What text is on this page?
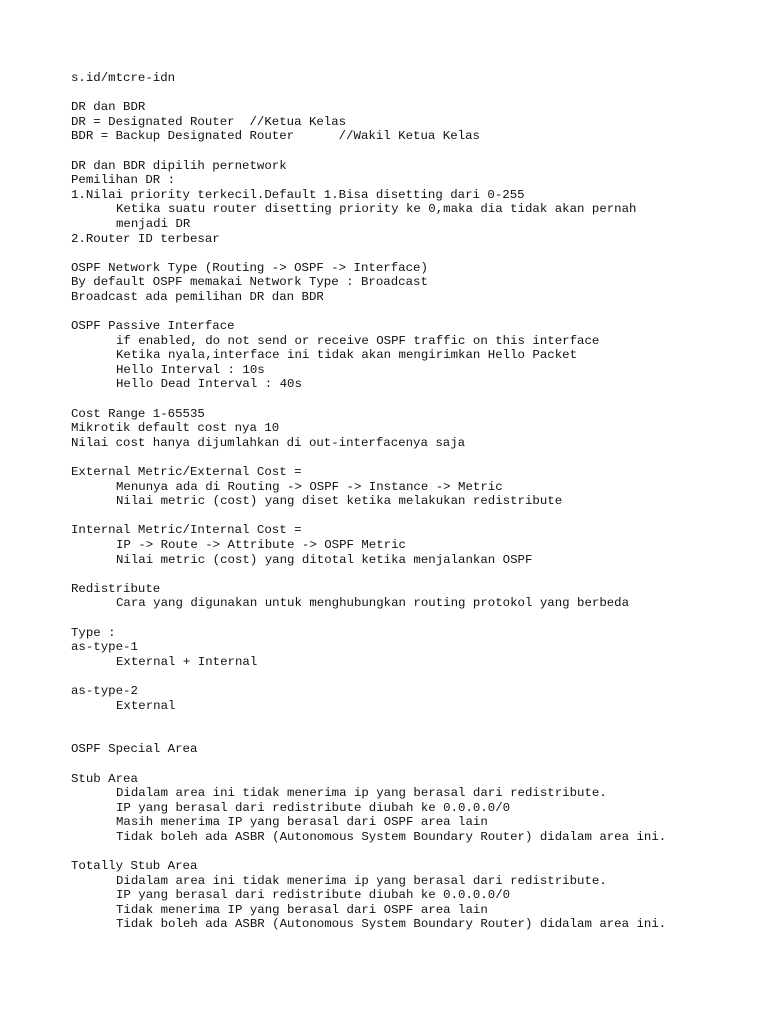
s.id/mtcre-idn
DR dan BDR
DR = Designated Router  //Ketua Kelas
BDR = Backup Designated Router      //Wakil Ketua Kelas
DR dan BDR dipilih pernetwork
Pemilihan DR :
1.Nilai priority terkecil.Default 1.Bisa disetting dari 0-255
Ketika suatu router disetting priority ke 0,maka dia tidak akan pernah
menjadi DR
2.Router ID terbesar
OSPF Network Type (Routing -> OSPF -> Interface)
By default OSPF memakai Network Type : Broadcast
Broadcast ada pemilihan DR dan BDR
OSPF Passive Interface
if enabled, do not send or receive OSPF traffic on this interface
Ketika nyala,interface ini tidak akan mengirimkan Hello Packet
Hello Interval : 10s
Hello Dead Interval : 40s
Cost Range 1-65535
Mikrotik default cost nya 10
Nilai cost hanya dijumlahkan di out-interfacenya saja
External Metric/External Cost =
Menunya ada di Routing -> OSPF -> Instance -> Metric
Nilai metric (cost) yang diset ketika melakukan redistribute
Internal Metric/Internal Cost =
IP -> Route -> Attribute -> OSPF Metric
Nilai metric (cost) yang ditotal ketika menjalankan OSPF
Redistribute
Cara yang digunakan untuk menghubungkan routing protokol yang berbeda
Type :
as-type-1
External + Internal
as-type-2
External
OSPF Special Area
Stub Area
Didalam area ini tidak menerima ip yang berasal dari redistribute.
IP yang berasal dari redistribute diubah ke 0.0.0.0/0
Masih menerima IP yang berasal dari OSPF area lain
Tidak boleh ada ASBR (Autonomous System Boundary Router) didalam area ini.
Totally Stub Area
Didalam area ini tidak menerima ip yang berasal dari redistribute.
IP yang berasal dari redistribute diubah ke 0.0.0.0/0
Tidak menerima IP yang berasal dari OSPF area lain
Tidak boleh ada ASBR (Autonomous System Boundary Router) didalam area ini.
